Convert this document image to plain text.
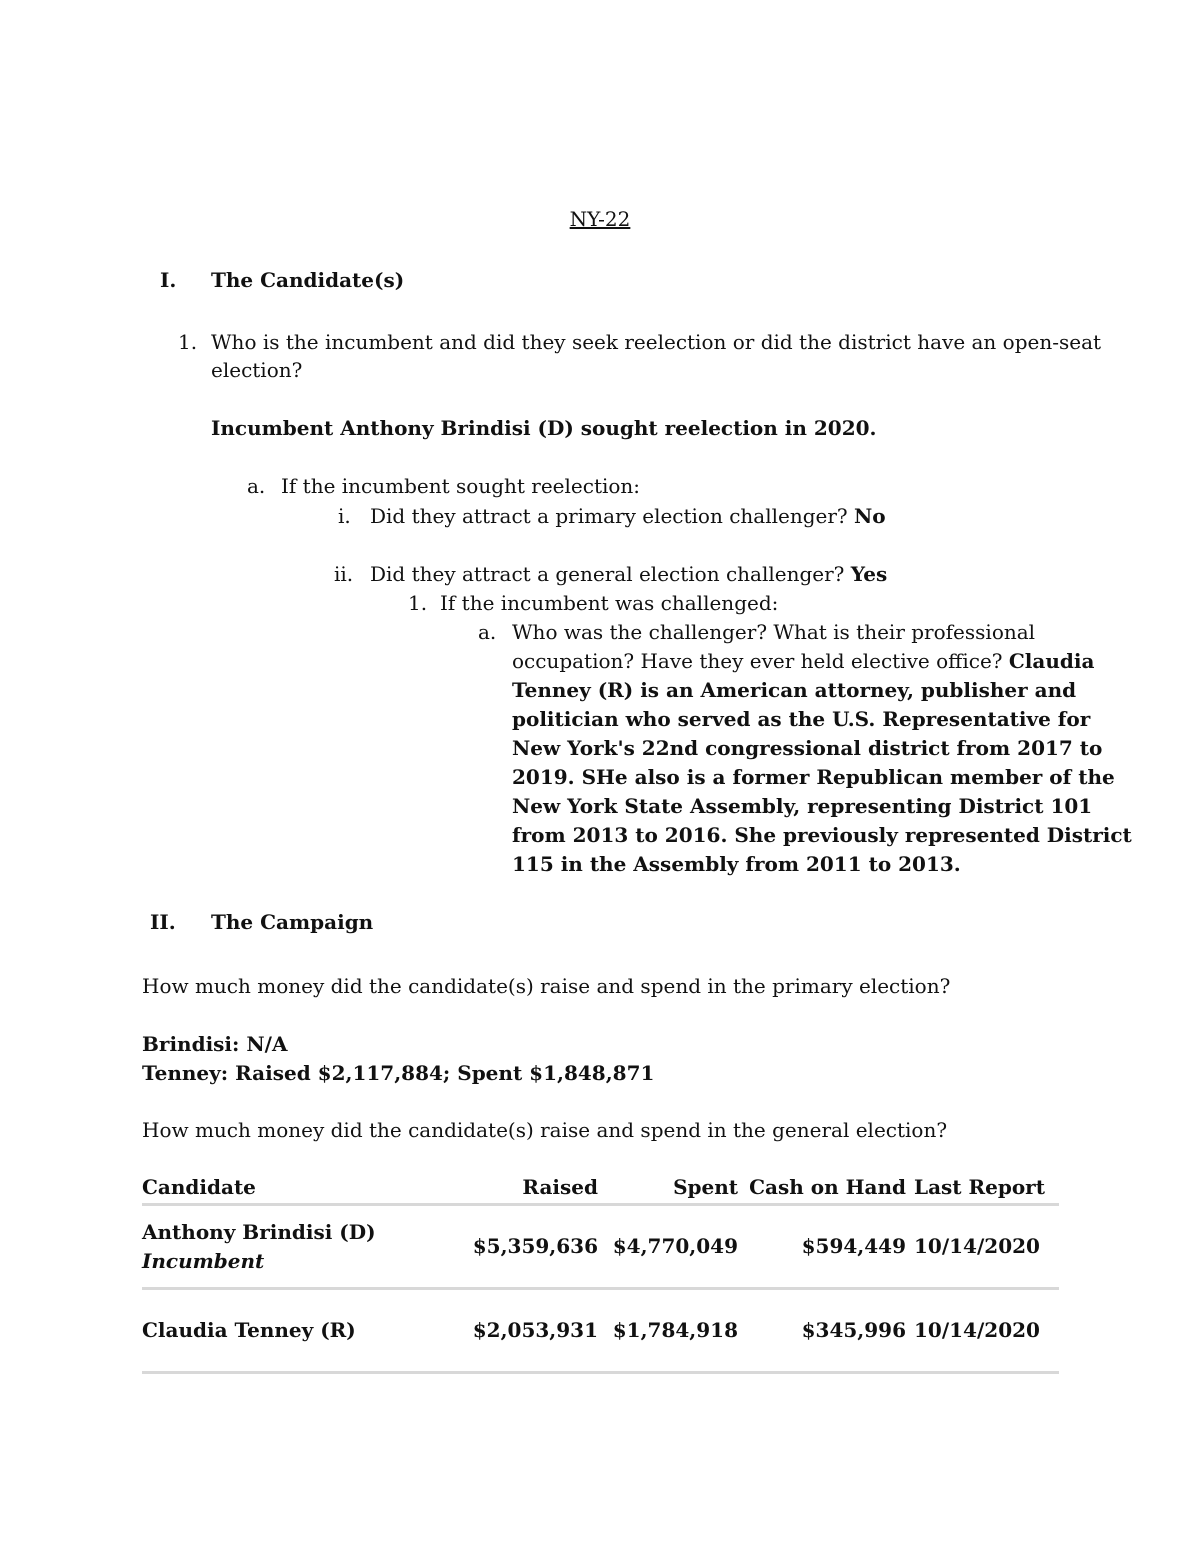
NY-22
I. The Candidate(s)
1. Who is the incumbent and did they seek reelection or did the district have an open-seat
election?
Incumbent Anthony Brindisi (D) sought reelection in 2020.
a. If the incumbent sought reelection:
i. Did they attract a primary election challenger? No
ii. Did they attract a general election challenger? Yes
1. If the incumbent was challenged:
a. Who was the challenger? What is their professional
occupation? Have they ever held elective office? Claudia
Tenney (R) is an American attorney, publisher and
politician who served as the U.S. Representative for
New York's 22nd congressional district from 2017 to
2019. SHe also is a former Republican member of the
New York State Assembly, representing District 101
from 2013 to 2016. She previously represented District
115 in the Assembly from 2011 to 2013.
II. The Campaign
How much money did the candidate(s) raise and spend in the primary election?
Brindisi: N/A
Tenney: Raised $2,117,884; Spent $1,848,871
How much money did the candidate(s) raise and spend in the general election?
Candidate	Raised	Spent	Cash on Hand	Last Report

Anthony Brindisi (D)
Incumbent	$5,359,636	$4,770,049	$594,449	10/14/2020

Claudia Tenney (R)	$2,053,931	$1,784,918	$345,996	10/14/2020
